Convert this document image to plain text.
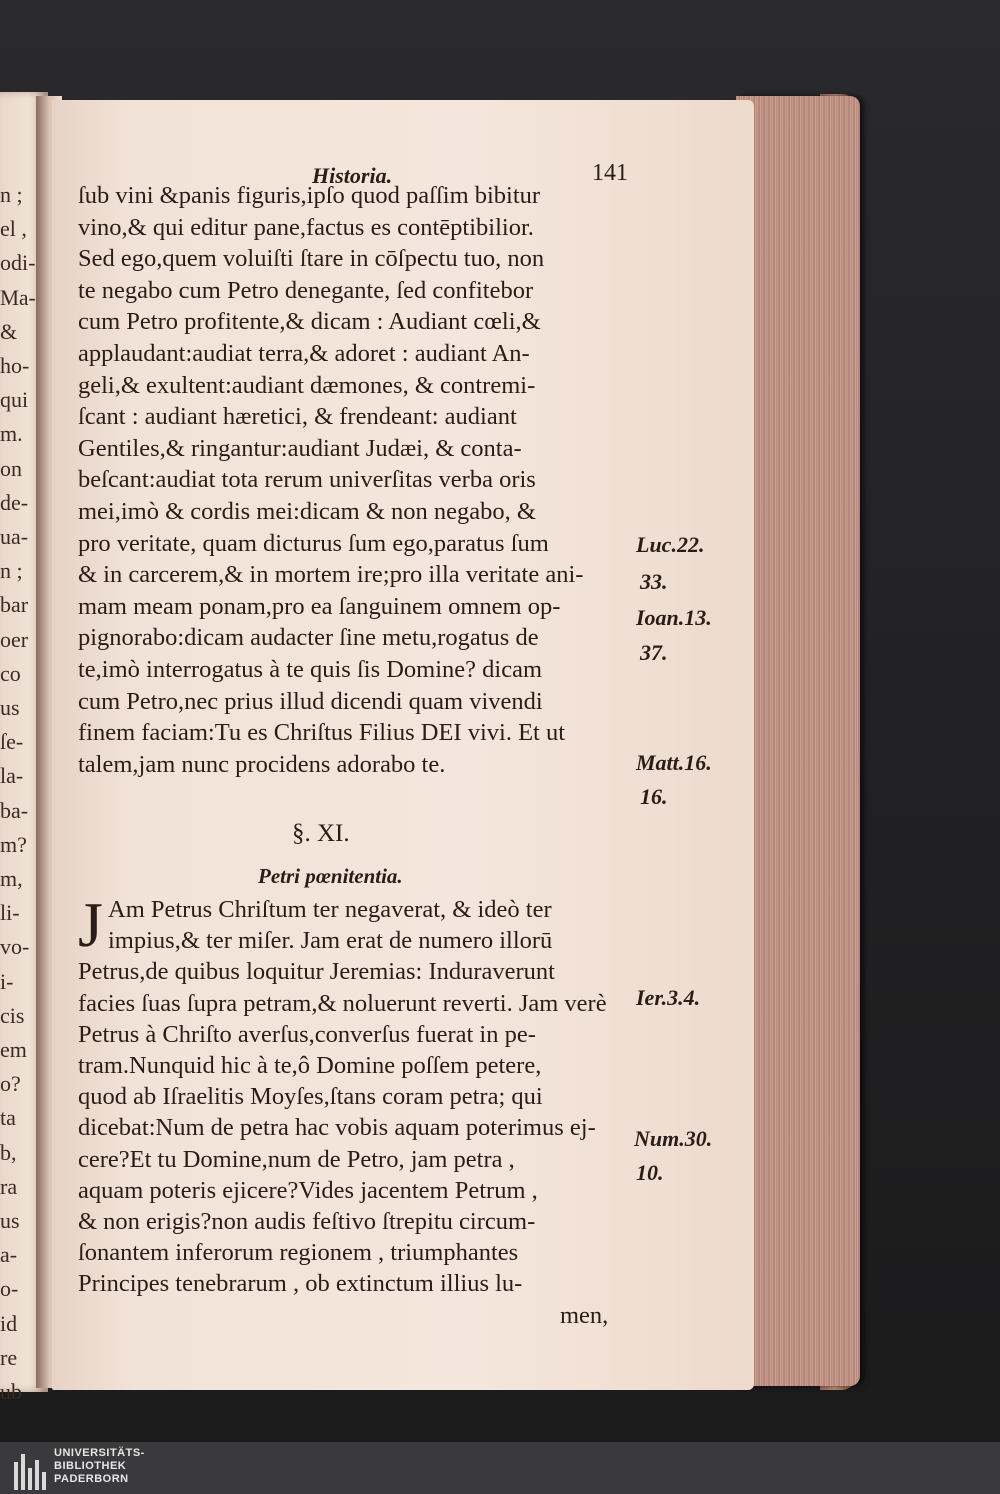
n ;
el ,
odi-
Ma-
&
ho-
qui
m.
on
de-
ua-
n ;
bar
oer
co
us
ſe-
la-
ba-
m?
m,
li-
vo-
i-
cis
em
o?
ta
b,
ra
us
a-
o-
id
re
ub
Historia.	141
ſub vini &panis figuris,ipſo quod paſſim bibitur
vino,& qui editur pane,factus es contēptibilior.
Sed ego,quem voluiſti ſtare in cōſpectu tuo, non
te negabo cum Petro denegante, ſed confitebor
cum Petro profitente,& dicam : Audiant cœli,&
applaudant:audiat terra,& adoret : audiant An-
geli,& exultent:audiant dæmones, & contremi-
ſcant : audiant hæretici, & frendeant: audiant
Gentiles,& ringantur:audiant Judæi, & conta-
beſcant:audiat tota rerum univerſitas verba oris
mei,imò & cordis mei:dicam & non negabo, &
pro veritate, quam dicturus ſum ego,paratus ſum
& in carcerem,& in mortem ire;pro illa veritate ani-
mam meam ponam,pro ea ſanguinem omnem op-
pignorabo:dicam audacter ſine metu,rogatus de
te,imò interrogatus à te quis ſis Domine? dicam
cum Petro,nec prius illud dicendi quam vivendi
finem faciam:Tu es Chriſtus Filius DEI vivi. Et ut
talem,jam nunc procidens adorabo te.
§. XI.
Petri pœnitentia.
J Am Petrus Chriſtum ter negaverat, & ideò ter
impius,& ter miſer. Jam erat de numero illorū
Petrus,de quibus loquitur Jeremias: Induraverunt
facies ſuas ſupra petram,& noluerunt reverti. Jam verè
Petrus à Chriſto averſus,converſus fuerat in pe-
tram.Nunquid hic à te,ô Domine poſſem petere,
quod ab Iſraelitis Moyſes,ſtans coram petra; qui
dicebat:Num de petra hac vobis aquam poterimus ej-
cere?Et tu Domine,num de Petro, jam petra ,
aquam poteris ejicere?Vides jacentem Petrum ,
& non erigis?non audis feſtivo ſtrepitu circum-
ſonantem inferorum regionem , triumphantes
Principes tenebrarum , ob extinctum illius lu-
men,
Luc.22.
33.
Ioan.13.
37.
Matt.16.
16.
Ier.3.4.
Num.30.
10.
UNIVERSITÄTS-
BIBLIOTHEK
PADERBORN
